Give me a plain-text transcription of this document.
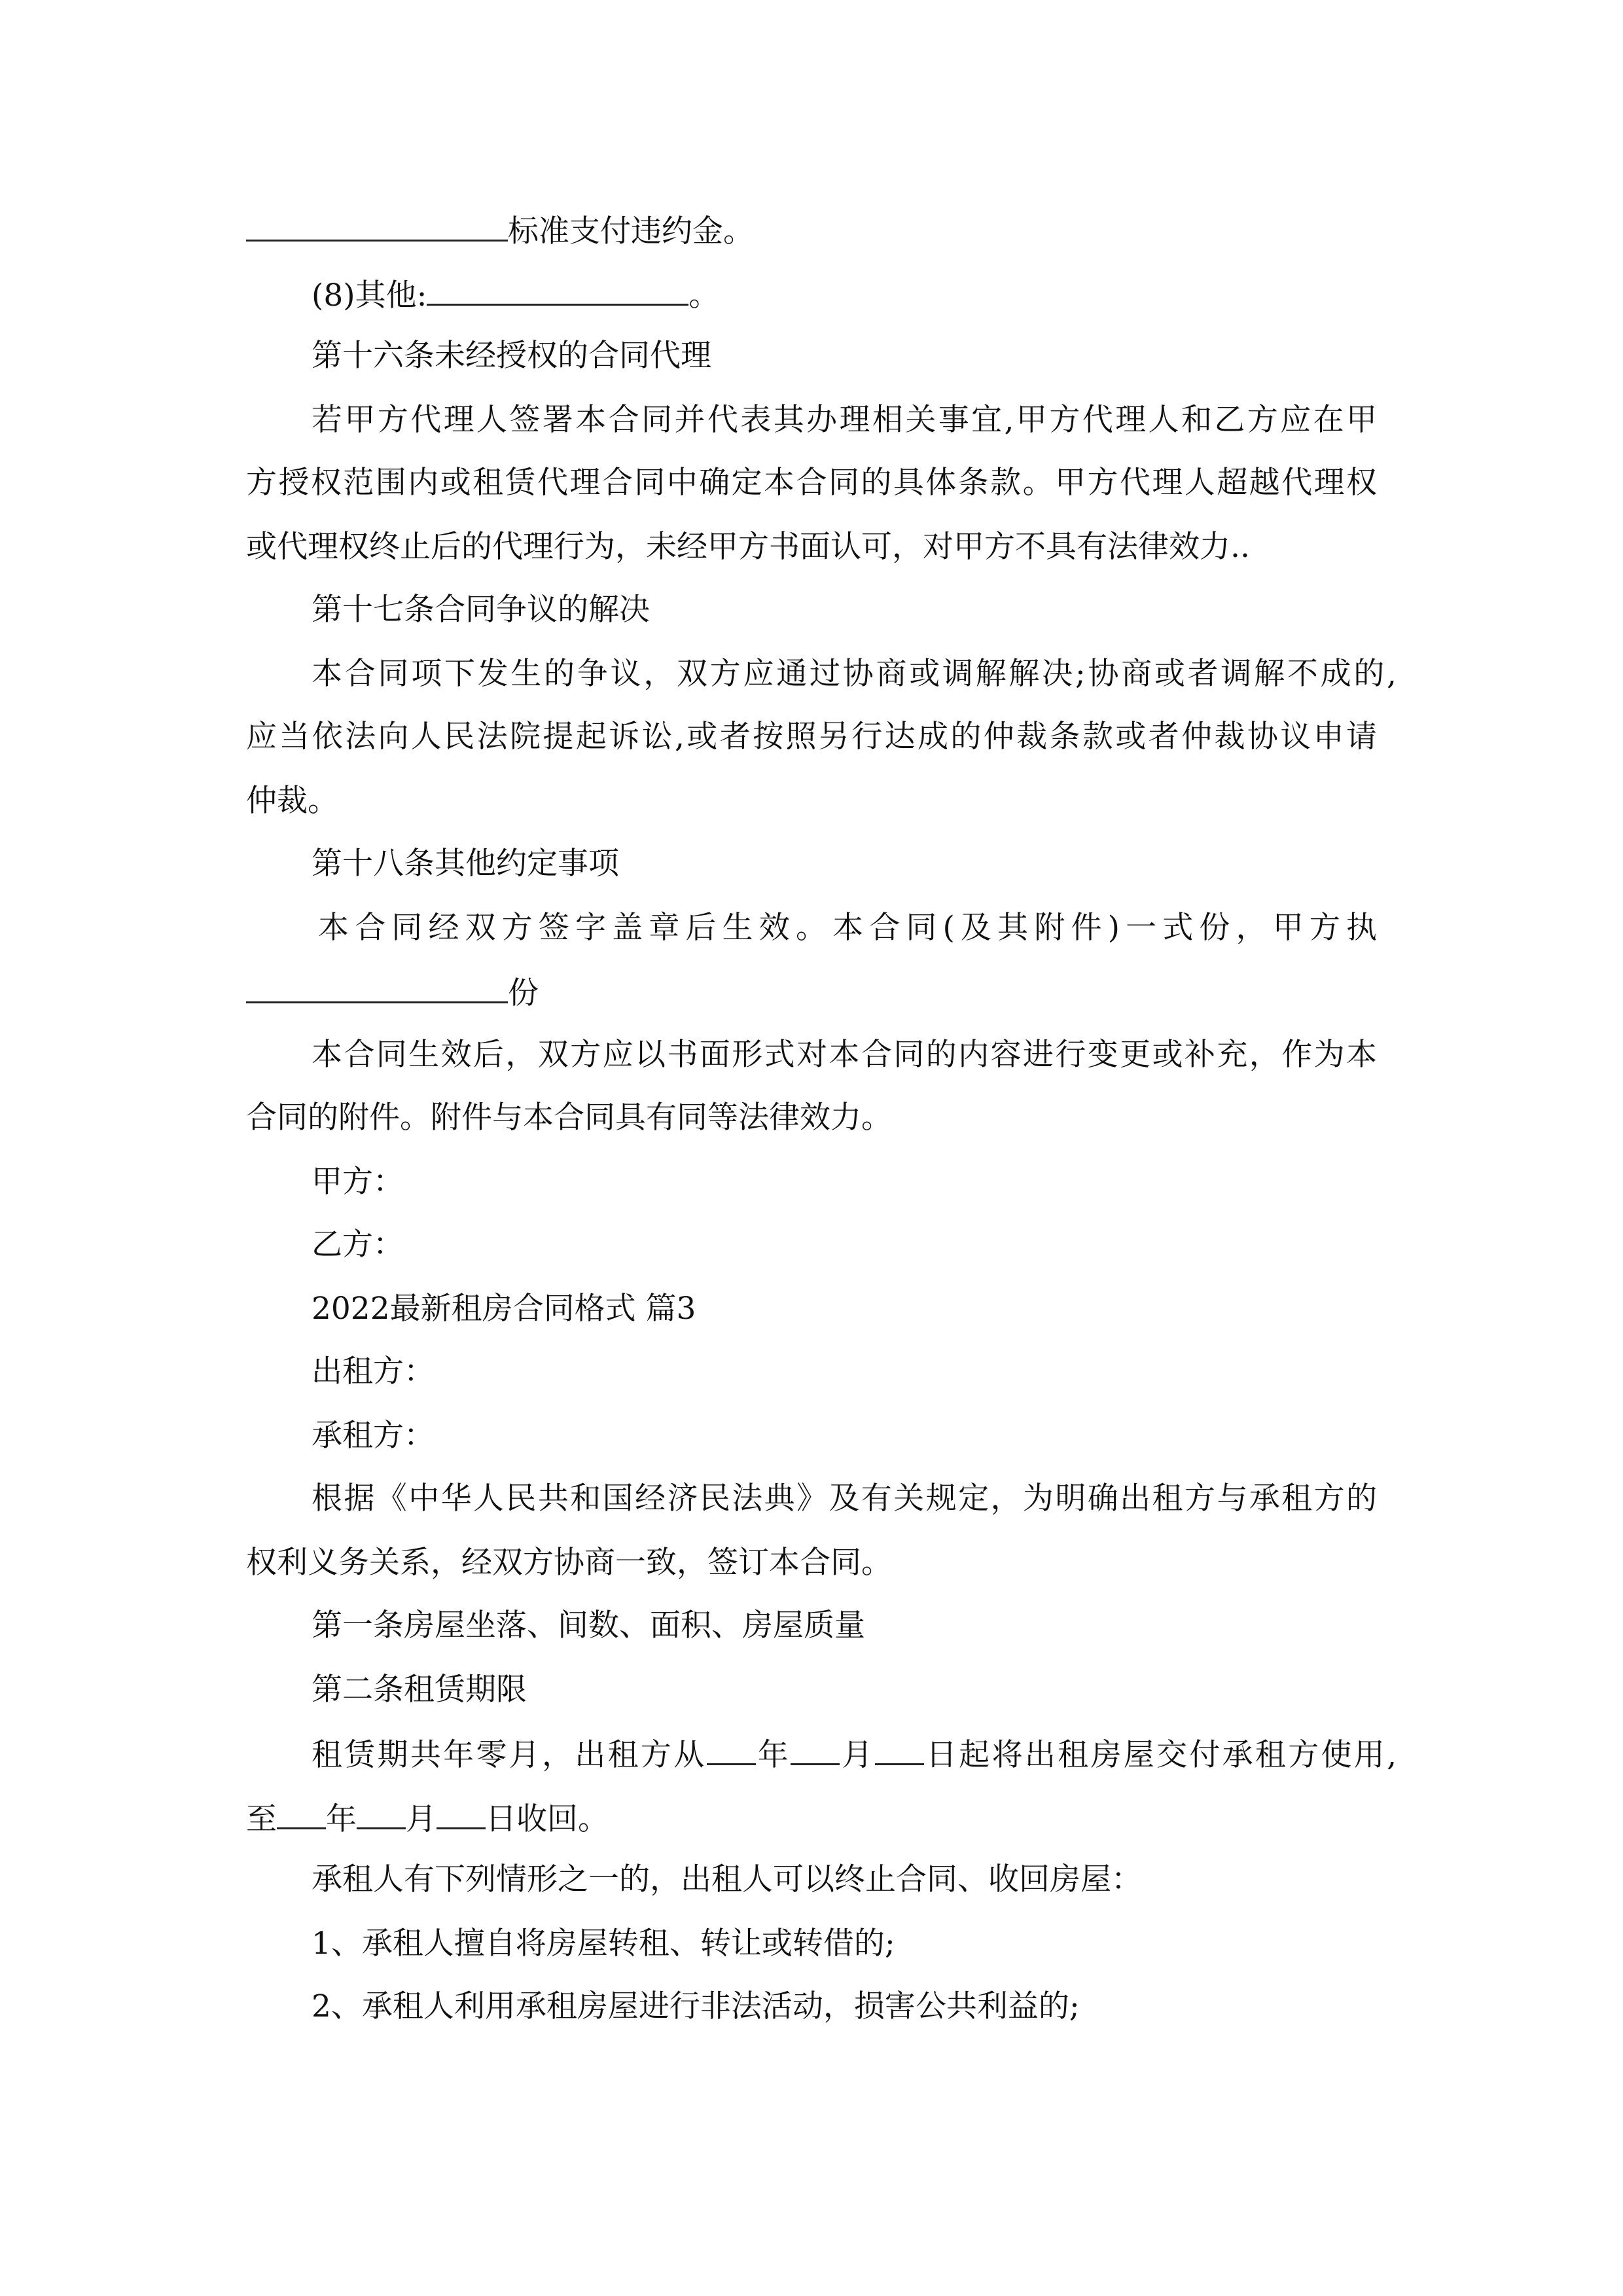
标准支付违约金。
(8)其他:	。
第十六条未经授权的合同代理
若甲方代理人签署本合同并代表其办理相关事宜,甲方代理人和乙方应在甲
方授权范围内或租赁代理合同中确定本合同的具体条款。甲方代理人超越代理权
或代理权终止后的代理行为，未经甲方书面认可，对甲方不具有法律效力..
第十七条合同争议的解决
本合同项下发生的争议，双方应通过协商或调解解决;协商或者调解不成的,
应当依法向人民法院提起诉讼,或者按照另行达成的仲裁条款或者仲裁协议申请
仲裁。
第十八条其他约定事项
本合同经双方签字盖章后生效。本合同(及其附件)一式份，甲方执
份
本合同生效后，双方应以书面形式对本合同的内容进行变更或补充，作为本
合同的附件。附件与本合同具有同等法律效力。
甲方：
乙方：
2022最新租房合同格式 篇3
出租方：
承租方：
根据《中华人民共和国经济民法典》及有关规定，为明确出租方与承租方的
权利义务关系，经双方协商一致，签订本合同。
第一条房屋坐落、间数、面积、房屋质量
第二条租赁期限
租赁期共年零月，出租方从 年 月 日起将出租房屋交付承租方使用,
至 年 月 日收回。
承租人有下列情形之一的，出租人可以终止合同、收回房屋：
1、承租人擅自将房屋转租、转让或转借的;
2、承租人利用承租房屋进行非法活动，损害公共利益的;
